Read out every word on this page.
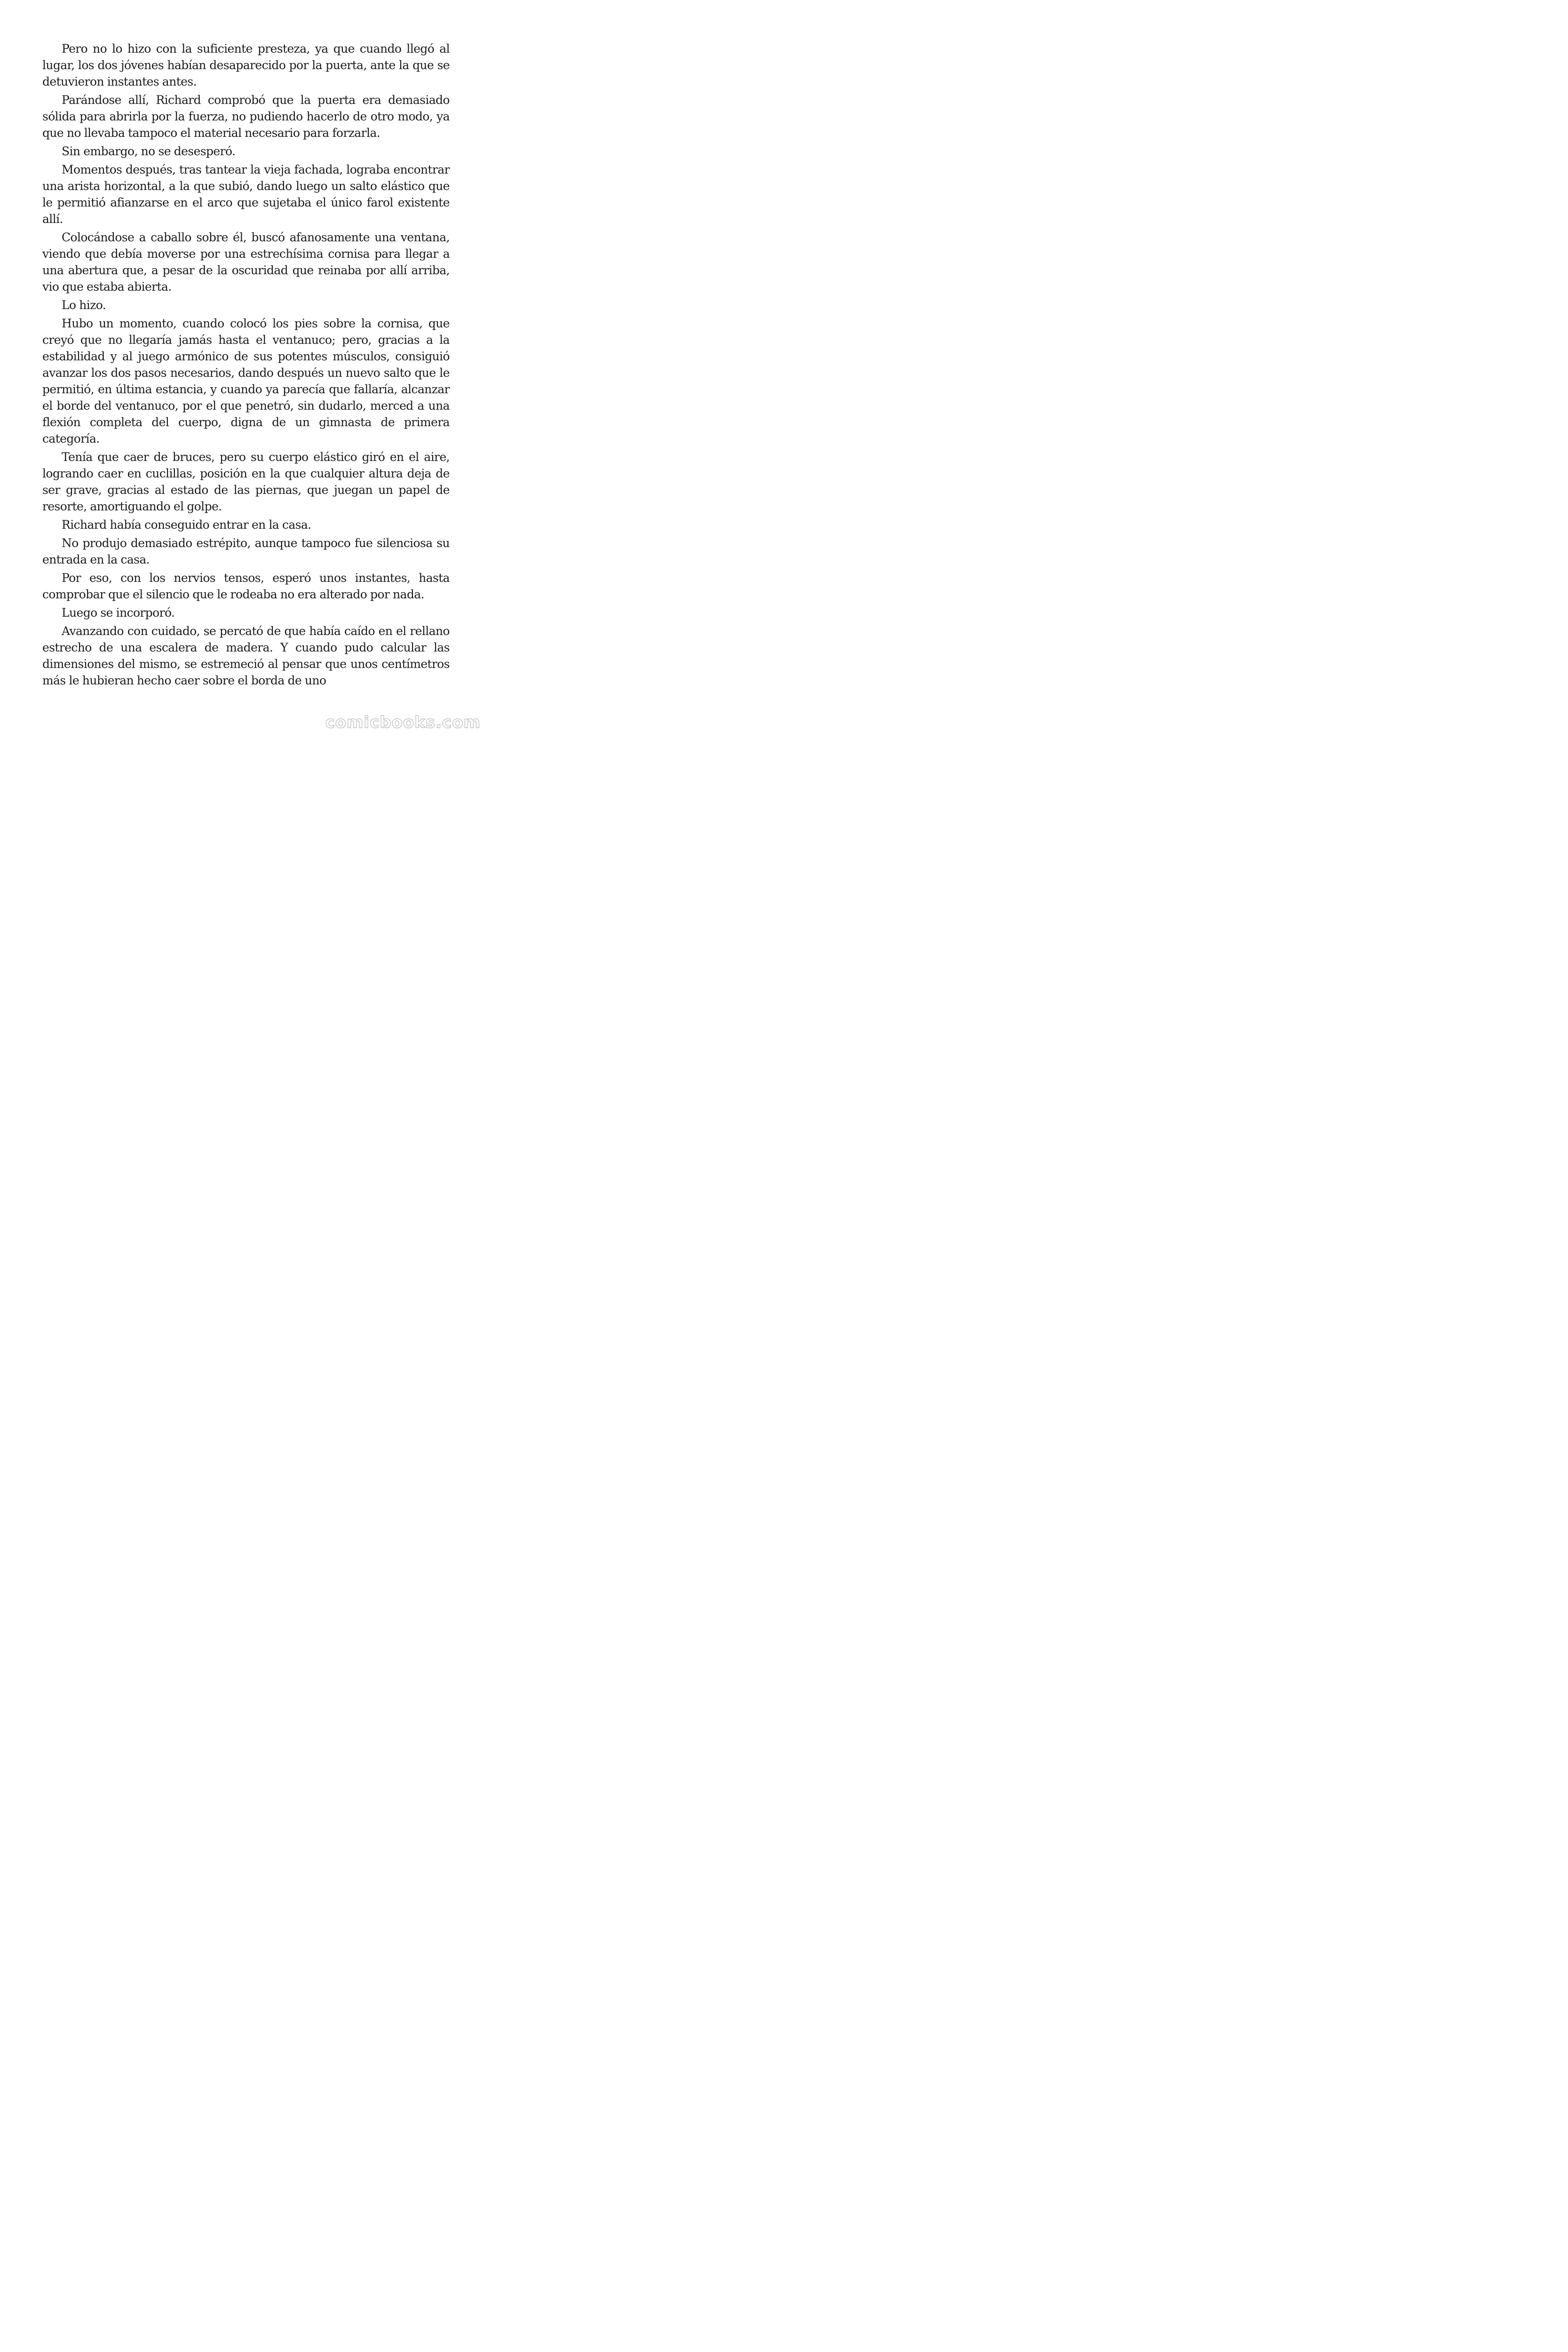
Pero no lo hizo con la suficiente presteza, ya que cuando llegó al lugar, los dos jóvenes habían desaparecido por la puerta, ante la que se detuvieron instantes antes.

Parándose allí, Richard comprobó que la puerta era demasiado sólida para abrirla por la fuerza, no pudiendo hacerlo de otro modo, ya que no llevaba tampoco el material necesario para forzarla.

Sin embargo, no se desesperó.

Momentos después, tras tantear la vieja fachada, lograba encontrar una arista horizontal, a la que subió, dando luego un salto elástico que le permitió afianzarse en el arco que sujetaba el único farol existente allí.

Colocándose a caballo sobre él, buscó afanosamente una ventana, viendo que debía moverse por una estrechísima cornisa para llegar a una abertura que, a pesar de la oscuridad que reinaba por allí arriba, vio que estaba abierta.

Lo hizo.

Hubo un momento, cuando colocó los pies sobre la cornisa, que creyó que no llegaría jamás hasta el ventanuco; pero, gracias a la estabilidad y al juego armónico de sus potentes músculos, consiguió avanzar los dos pasos necesarios, dando después un nuevo salto que le permitió, en última estancia, y cuando ya parecía que fallaría, alcanzar el borde del ventanuco, por el que penetró, sin dudarlo, merced a una flexión completa del cuerpo, digna de un gimnasta de primera categoría.

Tenía que caer de bruces, pero su cuerpo elástico giró en el aire, logrando caer en cuclillas, posición en la que cualquier altura deja de ser grave, gracias al estado de las piernas, que juegan un papel de resorte, amortiguando el golpe.

Richard había conseguido entrar en la casa.

No produjo demasiado estrépito, aunque tampoco fue silenciosa su entrada en la casa.

Por eso, con los nervios tensos, esperó unos instantes, hasta comprobar que el silencio que le rodeaba no era alterado por nada.

Luego se incorporó.

Avanzando con cuidado, se percató de que había caído en el rellano estrecho de una escalera de madera. Y cuando pudo calcular las dimensiones del mismo, se estremeció al pensar que unos centímetros más le hubieran hecho caer sobre el borda de uno

comicbooks.com
